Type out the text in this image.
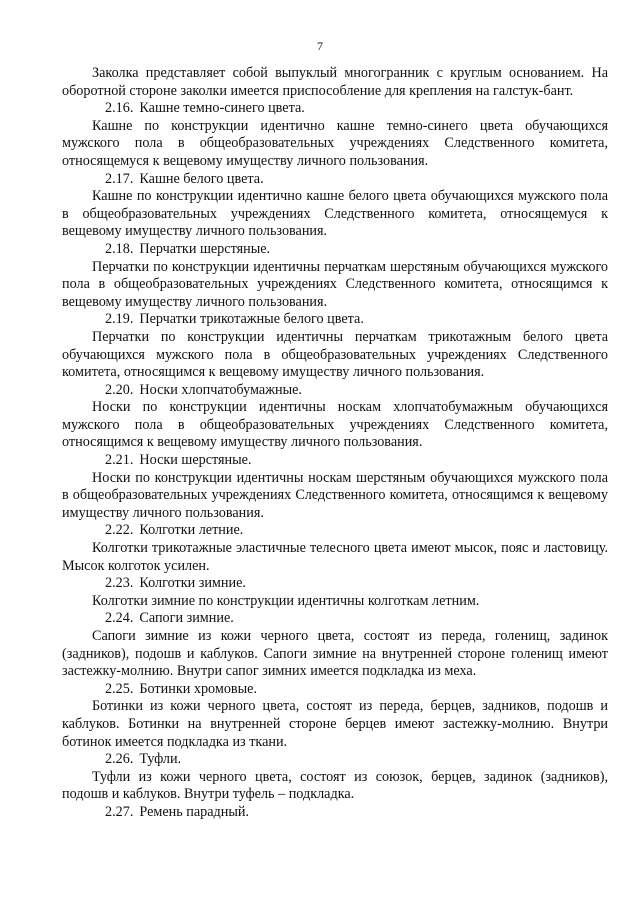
7

Заколка представляет собой выпуклый многогранник с круглым основанием. На оборотной стороне заколки имеется приспособление для крепления на галстук-бант.

2.16. Кашне темно-синего цвета.

Кашне по конструкции идентично кашне темно-синего цвета обучающихся мужского пола в общеобразовательных учреждениях Следственного комитета, относящемуся к вещевому имуществу личного пользования.

2.17. Кашне белого цвета.

Кашне по конструкции идентично кашне белого цвета обучающихся мужского пола в общеобразовательных учреждениях Следственного комитета, относящемуся к вещевому имуществу личного пользования.

2.18. Перчатки шерстяные.

Перчатки по конструкции идентичны перчаткам шерстяным обучающихся мужского пола в общеобразовательных учреждениях Следственного комитета, относящимся к вещевому имуществу личного пользования.

2.19. Перчатки трикотажные белого цвета.

Перчатки по конструкции идентичны перчаткам трикотажным белого цвета обучающихся мужского пола в общеобразовательных учреждениях Следственного комитета, относящимся к вещевому имуществу личного пользования.

2.20. Носки хлопчатобумажные.

Носки по конструкции идентичны носкам хлопчатобумажным обучающихся мужского пола в общеобразовательных учреждениях Следственного комитета, относящимся к вещевому имуществу личного пользования.

2.21. Носки шерстяные.

Носки по конструкции идентичны носкам шерстяным обучающихся мужского пола в общеобразовательных учреждениях Следственного комитета, относящимся к вещевому имуществу личного пользования.

2.22. Колготки летние.

Колготки трикотажные эластичные телесного цвета имеют мысок, пояс и ластовицу. Мысок колготок усилен.

2.23. Колготки зимние.

Колготки зимние по конструкции идентичны колготкам летним.

2.24. Сапоги зимние.

Сапоги зимние из кожи черного цвета, состоят из переда, голенищ, задинок (задников), подошв и каблуков. Сапоги зимние на внутренней стороне голенищ имеют застежку-молнию. Внутри сапог зимних имеется подкладка из меха.

2.25. Ботинки хромовые.

Ботинки из кожи черного цвета, состоят из переда, берцев, задников, подошв и каблуков. Ботинки на внутренней стороне берцев имеют застежку-молнию. Внутри ботинок имеется подкладка из ткани.

2.26. Туфли.

Туфли из кожи черного цвета, состоят из союзок, берцев, задинок (задников), подошв и каблуков. Внутри туфель – подкладка.

2.27. Ремень парадный.
